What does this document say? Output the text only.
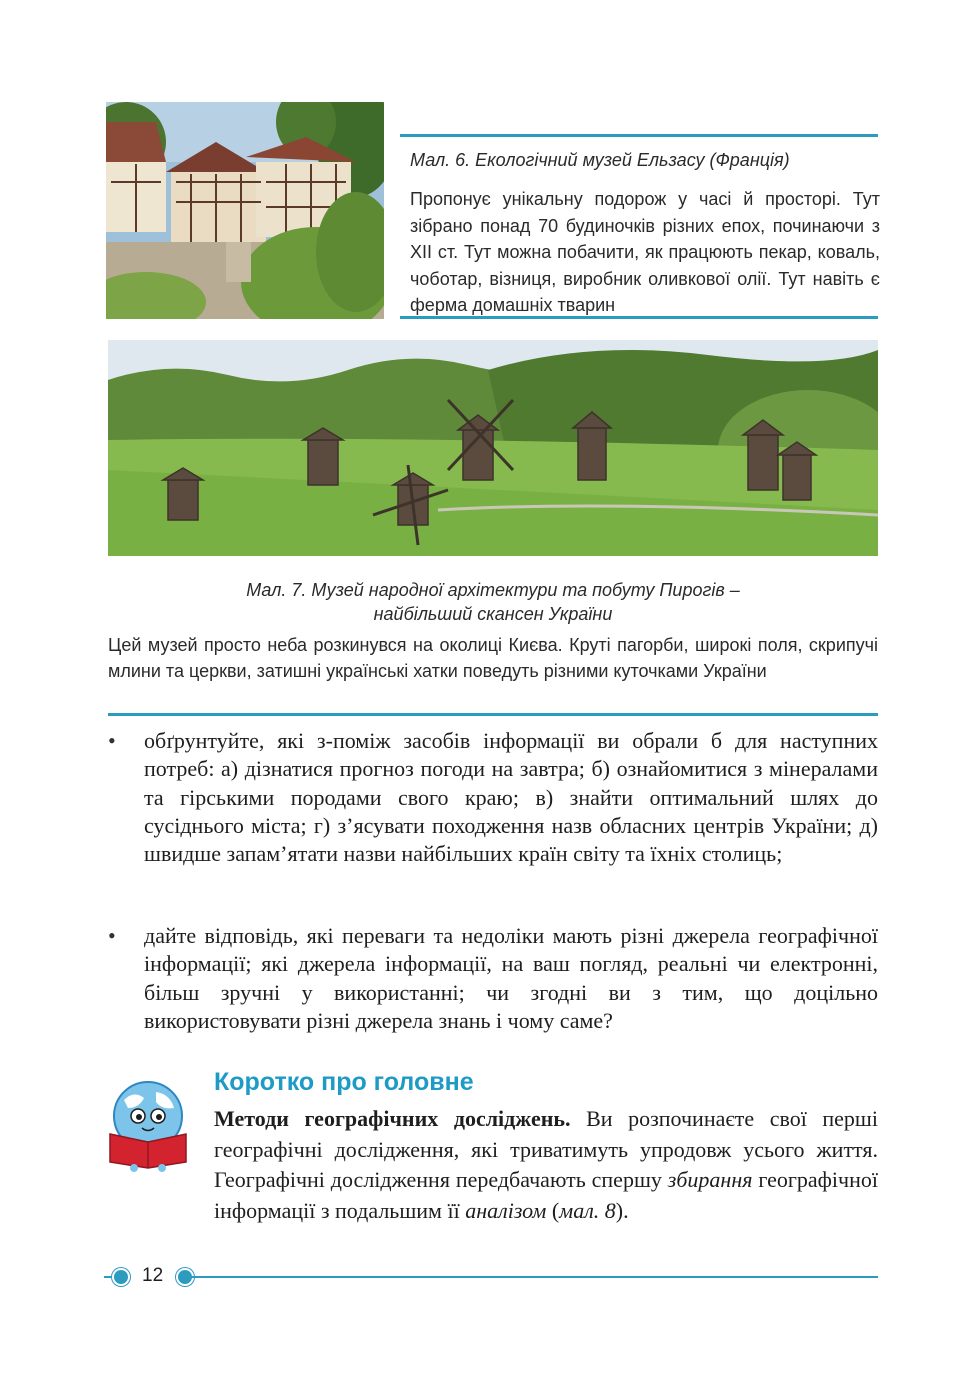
Мал. 6. Екологічний музей Ельзасу (Франція)
Пропонує унікальну подорож у часі й просторі. Тут зібрано понад 70 будиночків різних епох, починаючи з XII ст. Тут можна побачити, як працюють пекар, коваль, чоботар, візниця, виробник оливкової олії. Тут навіть є ферма домашніх тварин
Мал. 7. Музей народної архітектури та побуту Пирогів –
найбільший скансен України
Цей музей просто неба розкинувся на околиці Києва. Круті пагорби, широкі поля, скрипучі млини та церкви, затишні українські хатки поведуть різними куточками України
• обґрунтуйте, які з-поміж засобів інформації ви обрали б для наступних потреб: а) дізнатися прогноз погоди на завтра; б) ознайомитися з мінералами та гірськими породами свого краю; в) знайти оптимальний шлях до сусіднього міста; г) з’ясувати походження назв обласних центрів України; д) швидше запам’ятати назви найбільших країн світу та їхніх столиць;
• дайте відповідь, які переваги та недоліки мають різні джерела географічної інформації; які джерела інформації, на ваш погляд, реальні чи електронні, більш зручні у використанні; чи згодні ви з тим, що доцільно використовувати різні джерела знань і чому саме?
Коротко про головне
Методи географічних досліджень. Ви розпочинаєте свої перші географічні дослідження, які триватимуть упродовж усього життя. Географічні дослідження передбачають спершу збирання географічної інформації з подальшим її аналізом (мал. 8).
12
